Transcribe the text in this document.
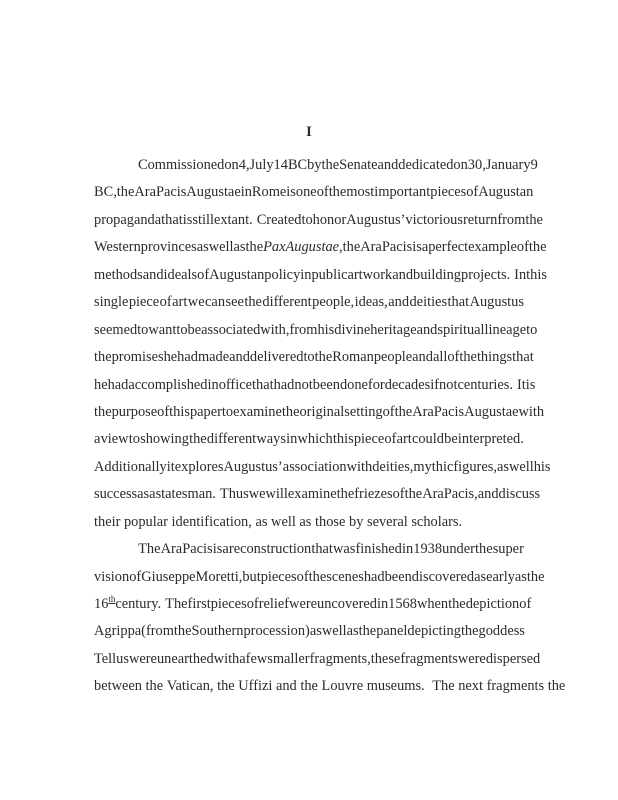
I
Commissioned on 4, July 14 BC by the Senate and dedicated on 30, January 9
BC, the Ara Pacis Augustae in Rome is one of the most important pieces of Augustan
propaganda that is still extant. Created to honor Augustus’ victorious return from the
Western provinces as well as the Pax Augustae, the Ara Pacis is a perfect example of the
methods and ideals of Augustan policy in public artwork and building projects. In this
single piece of art we can see the different people, ideas, and deities that Augustus
seemed to want to be associated with, from his divine heritage and spiritual lineage to
the promises he had made and delivered to the Roman people and all of the things that
he had accomplished in office that had not been done for decades if not centuries. It is
the purpose of this paper to examine the original setting of the Ara Pacis Augustae with
a view to showing the different ways in which this piece of art could be interpreted.
Additionally it explores Augustus’ association with deities, mythic figures, as well his
success as a statesman. Thus we will examine the friezes of the Ara Pacis, and discuss
their popular identification, as well as those by several scholars.
The Ara Pacis is a reconstruction that was finished in 1938 under the super
vision of Giuseppe Moretti, but pieces of the scenes had been discovered as early as the
16th century. The first pieces of relief were uncovered in 1568 when the depiction of
Agrippa (from the Southern procession) as well as the panel depicting the goddess
Tellus were unearthed with a few smaller fragments, these fragments were dispersed
between the Vatican, the Uffizi and the Louvre museums. The next fragments the
